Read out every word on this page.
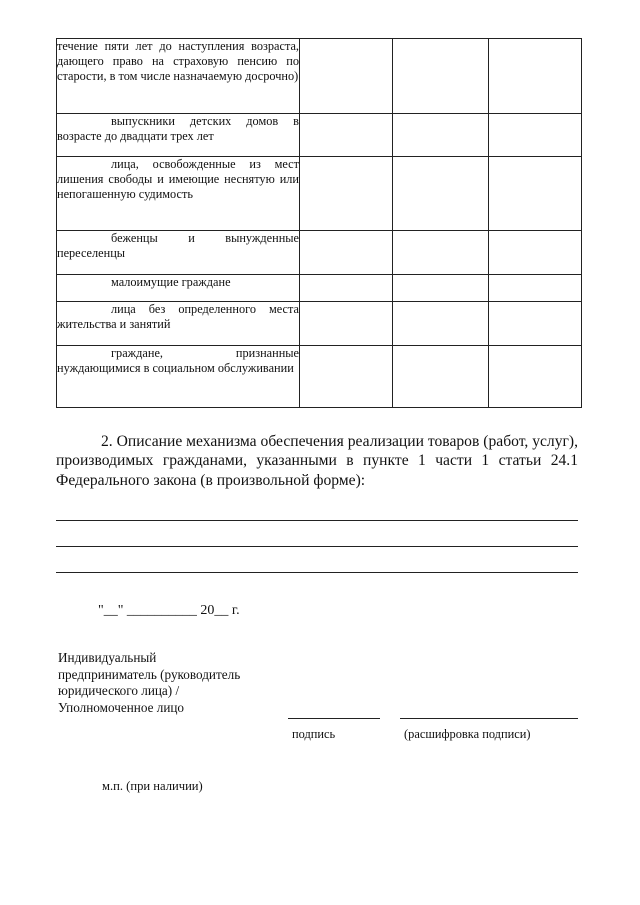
течение пяти лет до наступления возраста, дающего право на страховую пенсию по старости, в том числе назначаемую досрочно)			

выпускники детских домов в возрасте до двадцати трех лет			

лица, освобожденные из мест лишения свободы и имеющие неснятую или непогашенную судимость			

беженцы и вынужденные переселенцы			

малоимущие граждане			

лица без определенного места жительства и занятий			

граждане, признанные нуждающимися в социальном обслуживании			

2. Описание механизма обеспечения реализации товаров (работ, услуг), производимых гражданами, указанными в пункте 1 части 1 статьи 24.1 Федерального закона (в произвольной форме):
"__" __________ 20__ г.
Индивидуальный
предприниматель (руководитель
юридического лица) /
Уполномоченное лицо
подпись	(расшифровка подписи)
м.п. (при наличии)
